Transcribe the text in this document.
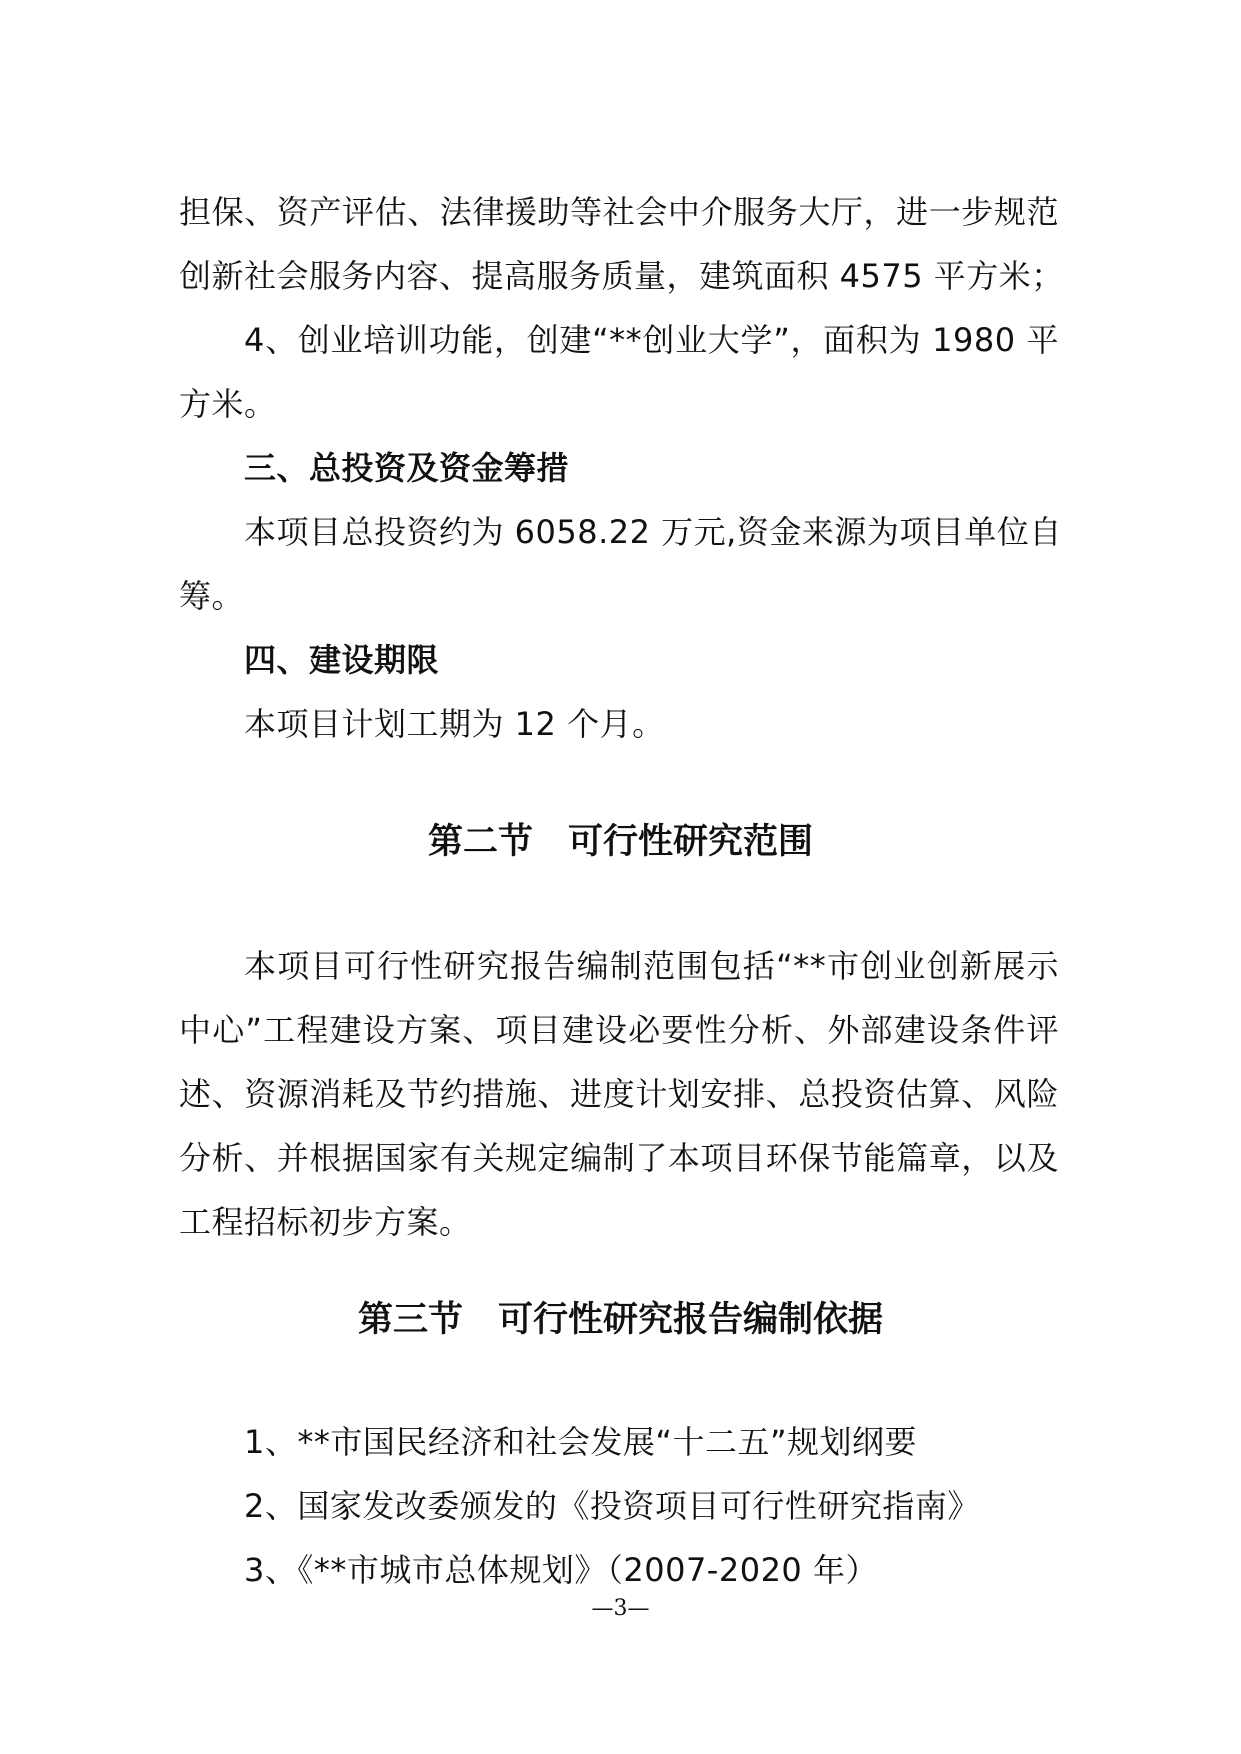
担保、资产评估、法律援助等社会中介服务大厅，进一步规范
创新社会服务内容、提高服务质量，建筑面积 4575 平方米；
4、创业培训功能，创建“**创业大学”，面积为 1980 平
方米。
三、总投资及资金筹措
本项目总投资约为 6058.22 万元,资金来源为项目单位自
筹。
四、建设期限
本项目计划工期为 12 个月。
第二节　可行性研究范围
本项目可行性研究报告编制范围包括“**市创业创新展示
中心”工程建设方案、项目建设必要性分析、外部建设条件评
述、资源消耗及节约措施、进度计划安排、总投资估算、风险
分析、并根据国家有关规定编制了本项目环保节能篇章，以及
工程招标初步方案。
第三节　可行性研究报告编制依据
1、**市国民经济和社会发展“十二五”规划纲要
2、国家发改委颁发的《投资项目可行性研究指南》
3、《**市城市总体规划》（2007-2020 年）
—3—
